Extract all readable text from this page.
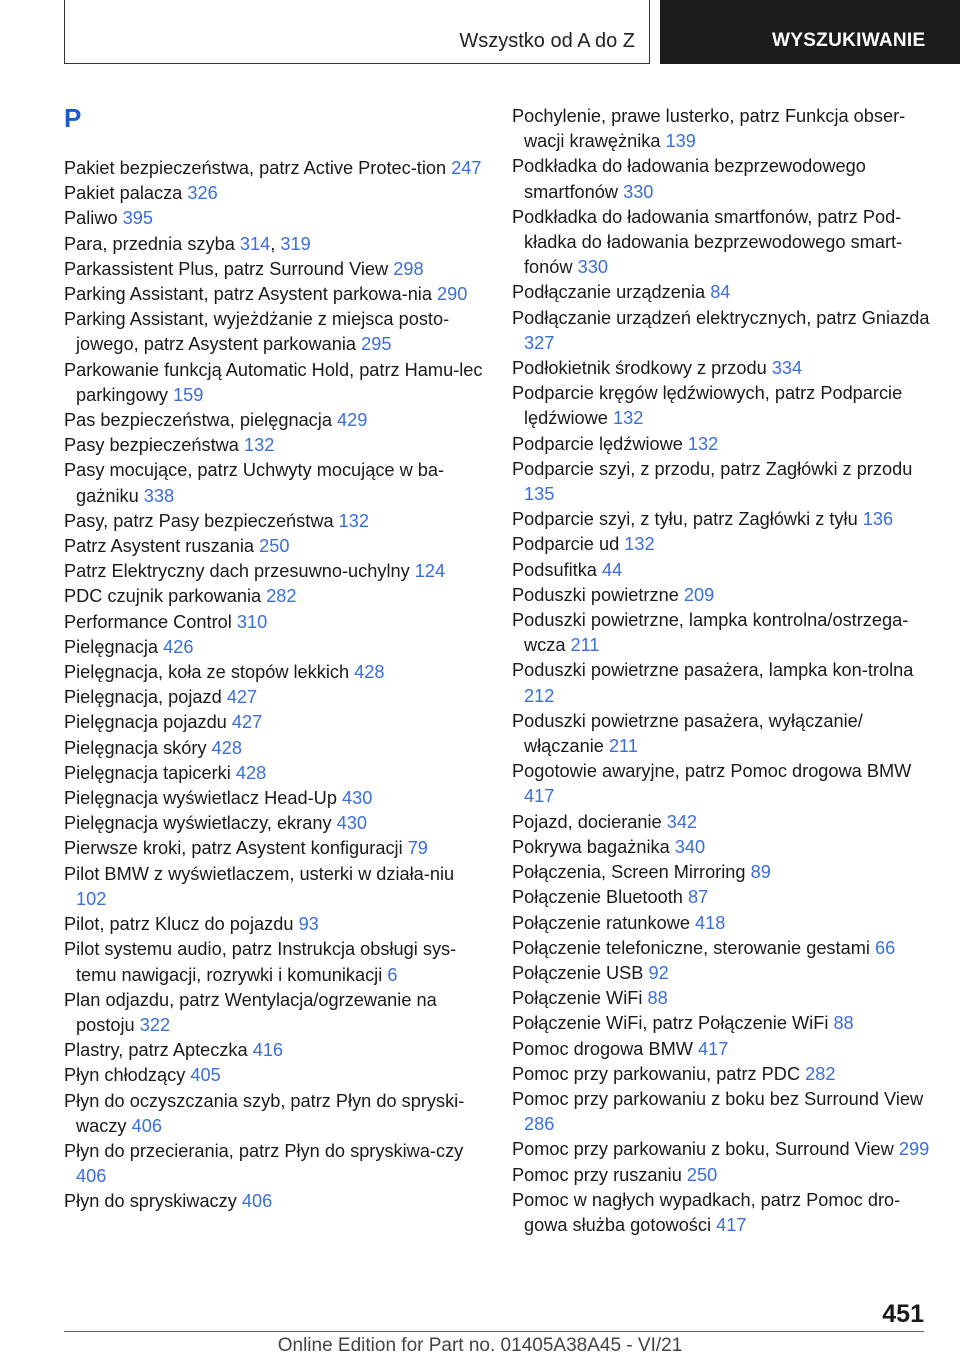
Wszystko od A do Z	WYSZUKIWANIE
P
Pakiet bezpieczeństwa, patrz Active Protec-tion 247
Pakiet palacza 326
Paliwo 395
Para, przednia szyba 314, 319
Parkassistent Plus, patrz Surround View 298
Parking Assistant, patrz Asystent parkowa-nia 290
Parking Assistant, wyjeżdżanie z miejsca posto-jowego, patrz Asystent parkowania 295
Parkowanie funkcją Automatic Hold, patrz Hamu-lec parkingowy 159
Pas bezpieczeństwa, pielęgnacja 429
Pasy bezpieczeństwa 132
Pasy mocujące, patrz Uchwyty mocujące w ba-gażniku 338
Pasy, patrz Pasy bezpieczeństwa 132
Patrz Asystent ruszania 250
Patrz Elektryczny dach przesuwno-uchylny 124
PDC czujnik parkowania 282
Performance Control 310
Pielęgnacja 426
Pielęgnacja, koła ze stopów lekkich 428
Pielęgnacja, pojazd 427
Pielęgnacja pojazdu 427
Pielęgnacja skóry 428
Pielęgnacja tapicerki 428
Pielęgnacja wyświetlacz Head-Up 430
Pielęgnacja wyświetlaczy, ekrany 430
Pierwsze kroki, patrz Asystent konfiguracji 79
Pilot BMW z wyświetlaczem, usterki w działa-niu 102
Pilot, patrz Klucz do pojazdu 93
Pilot systemu audio, patrz Instrukcja obsługi sys-temu nawigacji, rozrywki i komunikacji 6
Plan odjazdu, patrz Wentylacja/ogrzewanie na postoju 322
Plastry, patrz Apteczka 416
Płyn chłodzący 405
Płyn do oczyszczania szyb, patrz Płyn do spryski-waczy 406
Płyn do przecierania, patrz Płyn do spryskiwa-czy 406
Płyn do spryskiwaczy 406
Pochylenie, prawe lusterko, patrz Funkcja obser-wacji krawężnika 139
Podkładka do ładowania bezprzewodowego smartfonów 330
Podkładka do ładowania smartfonów, patrz Pod-kładka do ładowania bezprzewodowego smart-fonów 330
Podłączanie urządzenia 84
Podłączanie urządzeń elektrycznych, patrz Gniazda 327
Podłokietnik środkowy z przodu 334
Podparcie kręgów lędźwiowych, patrz Podparcie lędźwiowe 132
Podparcie lędźwiowe 132
Podparcie szyi, z przodu, patrz Zagłówki z przodu 135
Podparcie szyi, z tyłu, patrz Zagłówki z tyłu 136
Podparcie ud 132
Podsufitka 44
Poduszki powietrzne 209
Poduszki powietrzne, lampka kontrolna/ostrzega-wcza 211
Poduszki powietrzne pasażera, lampka kon-trolna 212
Poduszki powietrzne pasażera, wyłączanie/ włączanie 211
Pogotowie awaryjne, patrz Pomoc drogowa BMW 417
Pojazd, docieranie 342
Pokrywa bagażnika 340
Połączenia, Screen Mirroring 89
Połączenie Bluetooth 87
Połączenie ratunkowe 418
Połączenie telefoniczne, sterowanie gestami 66
Połączenie USB 92
Połączenie WiFi 88
Połączenie WiFi, patrz Połączenie WiFi 88
Pomoc drogowa BMW 417
Pomoc przy parkowaniu, patrz PDC 282
Pomoc przy parkowaniu z boku bez Surround View 286
Pomoc przy parkowaniu z boku, Surround View 299
Pomoc przy ruszaniu 250
Pomoc w nagłych wypadkach, patrz Pomoc dro-gowa służba gotowości 417
451
Online Edition for Part no. 01405A38A45 - VI/21
